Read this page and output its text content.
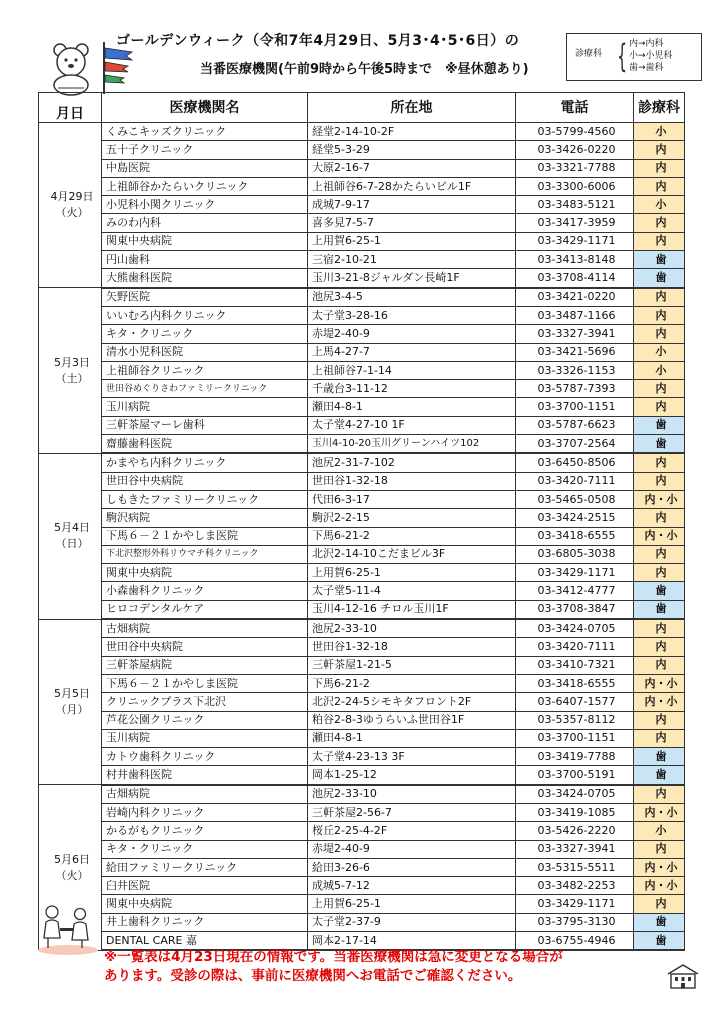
ゴールデンウィーク（令和7年4月29日、5月3･4･5･6日）の
当番医療機関(午前9時から午後5時まで　※昼休憩あり)
診療科 { 内→内科
小→小児科
歯→歯科
月日	医療機関名	所在地	電話	診療科

4月29日
（火）	くみこキッズクリニック	経堂2-14-10-2F	03-5799-4560	小
	五十子クリニック	経堂5-3-29	03-3426-0220	内
	中島医院	大原2-16-7	03-3321-7788	内
	上祖師谷かたらいクリニック	上祖師谷6-7-28かたらいビル1F	03-3300-6006	内
	小児科小関クリニック	成城7-9-17	03-3483-5121	小
	みのわ内科	喜多見7-5-7	03-3417-3959	内
	関東中央病院	上用賀6-25-1	03-3429-1171	内
	円山歯科	三宿2-10-21	03-3413-8148	歯
	大熊歯科医院	玉川3-21-8ジャルダン長崎1F	03-3708-4114	歯

5月3日
（土）	矢野医院	池尻3-4-5	03-3421-0220	内
	いいむろ内科クリニック	太子堂3-28-16	03-3487-1166	内
	キタ・クリニック	赤堤2-40-9	03-3327-3941	内
	清水小児科医院	上馬4-27-7	03-3421-5696	小
	上祖師谷クリニック	上祖師谷7-1-14	03-3326-1153	小
	世田谷めぐりさわファミリークリニック	千歳台3-11-12	03-5787-7393	内
	玉川病院	瀬田4-8-1	03-3700-1151	内
	三軒茶屋マーレ歯科	太子堂4-27-10 1F	03-5787-6623	歯
	齋藤歯科医院	玉川4-10-20玉川グリーンハイツ102	03-3707-2564	歯

5月4日
（日）	かまやち内科クリニック	池尻2-31-7-102	03-6450-8506	内
	世田谷中央病院	世田谷1-32-18	03-3420-7111	内
	しもきたファミリークリニック	代田6-3-17	03-5465-0508	内・小
	駒沢病院	駒沢2-2-15	03-3424-2515	内
	下馬６－２１かやしま医院	下馬6-21-2	03-3418-6555	内・小
	下北沢整形外科リウマチ科クリニック	北沢2-14-10こだまビル3F	03-6805-3038	内
	関東中央病院	上用賀6-25-1	03-3429-1171	内
	小森歯科クリニック	太子堂5-11-4	03-3412-4777	歯
	ヒロコデンタルケア	玉川4-12-16 チロル玉川1F	03-3708-3847	歯

5月5日
（月）	古畑病院	池尻2-33-10	03-3424-0705	内
	世田谷中央病院	世田谷1-32-18	03-3420-7111	内
	三軒茶屋病院	三軒茶屋1-21-5	03-3410-7321	内
	下馬６－２１かやしま医院	下馬6-21-2	03-3418-6555	内・小
	クリニックプラス下北沢	北沢2-24-5シモキタフロント2F	03-6407-1577	内・小
	芦花公園クリニック	粕谷2-8-3ゆうらいふ世田谷1F	03-5357-8112	内
	玉川病院	瀬田4-8-1	03-3700-1151	内
	カトウ歯科クリニック	太子堂4-23-13 3F	03-3419-7788	歯
	村井歯科医院	岡本1-25-12	03-3700-5191	歯

5月6日
（火）	古畑病院	池尻2-33-10	03-3424-0705	内
	岩崎内科クリニック	三軒茶屋2-56-7	03-3419-1085	内・小
	かるがもクリニック	桜丘2-25-4-2F	03-5426-2220	小
	キタ・クリニック	赤堤2-40-9	03-3327-3941	内
	給田ファミリークリニック	給田3-26-6	03-5315-5511	内・小
	臼井医院	成城5-7-12	03-3482-2253	内・小
	関東中央病院	上用賀6-25-1	03-3429-1171	内
	井上歯科クリニック	太子堂2-37-9	03-3795-3130	歯
	DENTAL CARE 嘉	岡本2-17-14	03-6755-4946	歯
※一覧表は4月23日現在の情報です。当番医療機関は急に変更となる場合が
あります。受診の際は、事前に医療機関へお電話でご確認ください。
